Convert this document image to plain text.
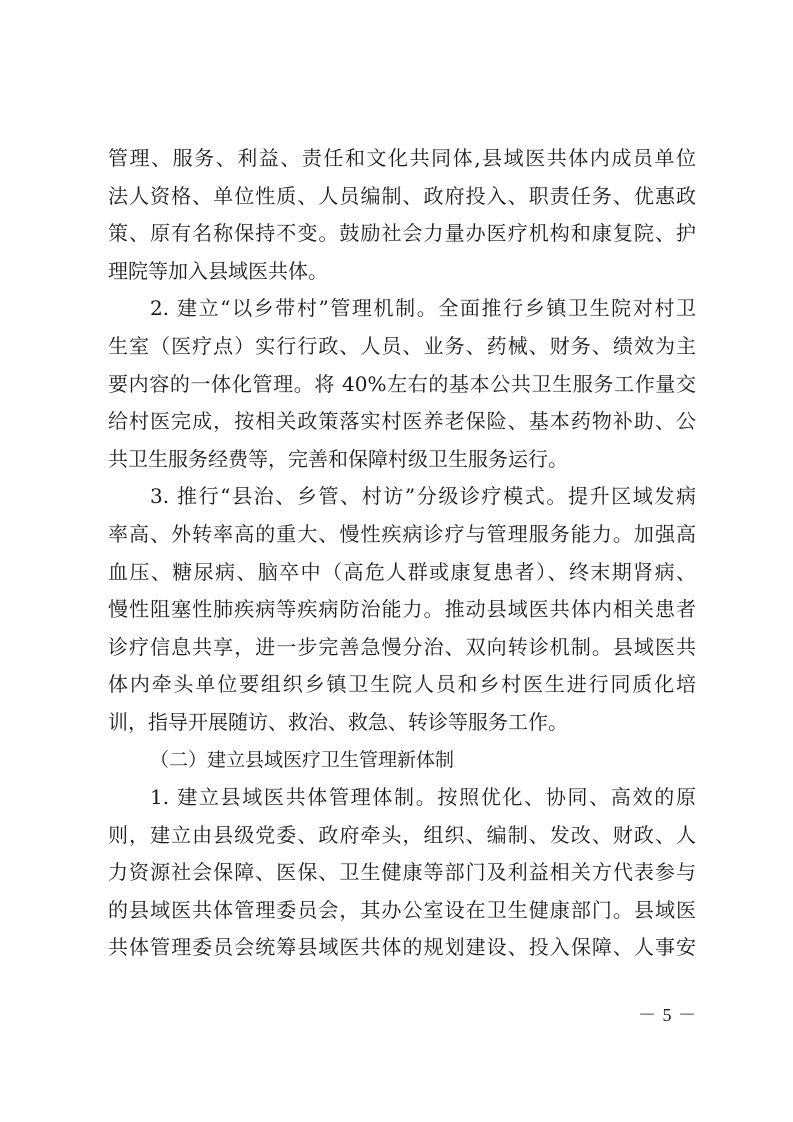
管理、服务、利益、责任和文化共同体,县域医共体内成员单位
法人资格、单位性质、人员编制、政府投入、职责任务、优惠政
策、原有名称保持不变。鼓励社会力量办医疗机构和康复院、护
理院等加入县域医共体。
2. 建立“以乡带村”管理机制。全面推行乡镇卫生院对村卫
生室（医疗点）实行行政、人员、业务、药械、财务、绩效为主
要内容的一体化管理。将 40%左右的基本公共卫生服务工作量交
给村医完成，按相关政策落实村医养老保险、基本药物补助、公
共卫生服务经费等，完善和保障村级卫生服务运行。
3. 推行“县治、乡管、村访”分级诊疗模式。提升区域发病
率高、外转率高的重大、慢性疾病诊疗与管理服务能力。加强高
血压、糖尿病、脑卒中（高危人群或康复患者）、终末期肾病、
慢性阻塞性肺疾病等疾病防治能力。推动县域医共体内相关患者
诊疗信息共享，进一步完善急慢分治、双向转诊机制。县域医共
体内牵头单位要组织乡镇卫生院人员和乡村医生进行同质化培
训，指导开展随访、救治、救急、转诊等服务工作。
（二）建立县域医疗卫生管理新体制
1. 建立县域医共体管理体制。按照优化、协同、高效的原
则，建立由县级党委、政府牵头，组织、编制、发改、财政、人
力资源社会保障、医保、卫生健康等部门及利益相关方代表参与
的县域医共体管理委员会，其办公室设在卫生健康部门。县域医
共体管理委员会统筹县域医共体的规划建设、投入保障、人事安
－ 5 －
